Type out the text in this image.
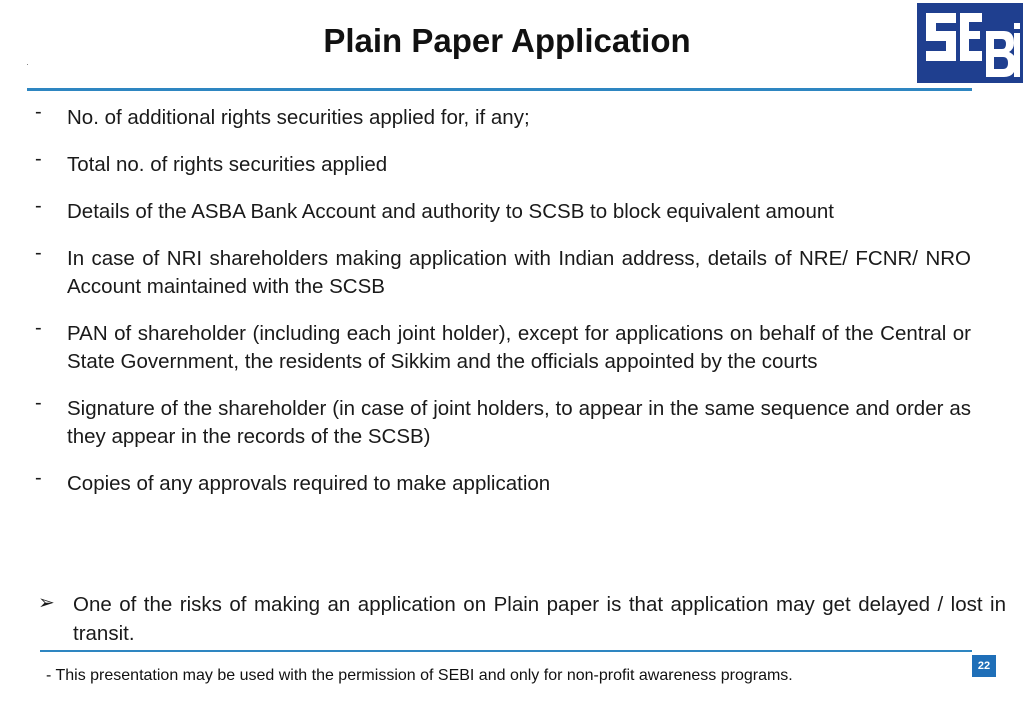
Plain Paper Application
- No. of additional rights securities applied for, if any;
- Total no. of rights securities applied
- Details of the ASBA Bank Account and authority to SCSB to block equivalent amount
- In case of NRI shareholders making application with Indian address, details of NRE/ FCNR/ NRO Account maintained with the SCSB
- PAN of shareholder (including each joint holder), except for applications on behalf of the Central or State Government, the residents of Sikkim and the officials appointed by the courts
- Signature of the shareholder (in case of joint holders, to appear in the same sequence and order as they appear in the records of the SCSB)
- Copies of any approvals required to make application
➢ One of the risks of making an application on Plain paper is that application may get delayed / lost in transit.
- This presentation may be used with the permission of SEBI and only for non-profit awareness programs.
22
